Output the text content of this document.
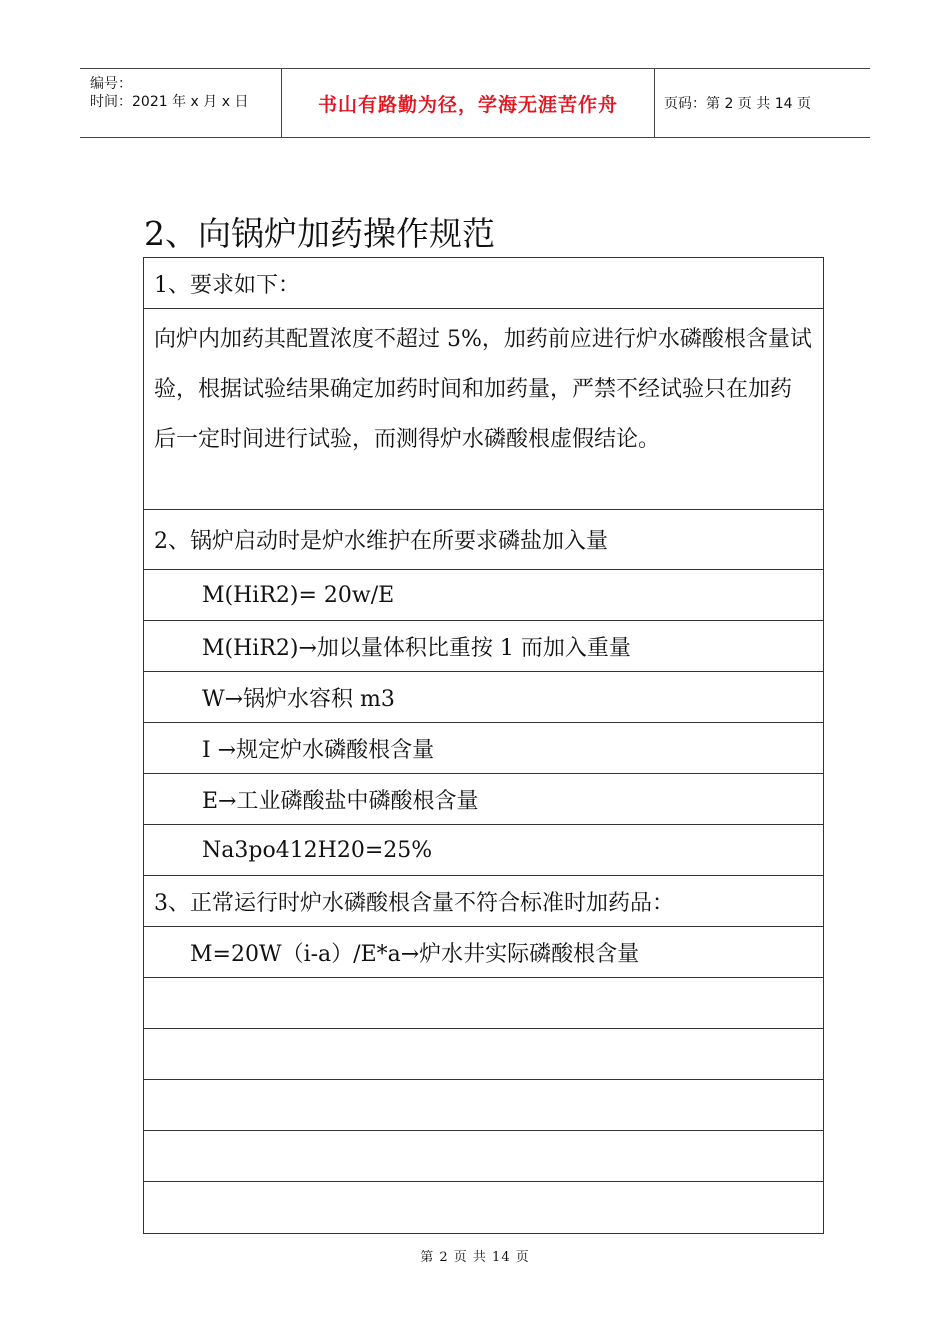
编号：
时间：2021 年 x 月 x 日	书山有路勤为径，学海无涯苦作舟	页码：第 2 页 共 14 页
2、向锅炉加药操作规范
1、要求如下：
向炉内加药其配置浓度不超过 5%，加药前应进行炉水磷酸根含量试验，根据试验结果确定加药时间和加药量，严禁不经试验只在加药后一定时间进行试验，而测得炉水磷酸根虚假结论。
2、锅炉启动时是炉水维护在所要求磷盐加入量
M(HiR2)= 20w/E
M(HiR2)→加以量体积比重按 1 而加入重量
W→锅炉水容积 m3
I →规定炉水磷酸根含量
E→工业磷酸盐中磷酸根含量
Na3po412H20=25%
3、正常运行时炉水磷酸根含量不符合标准时加药品：
M=20W（i-a）/E*a→炉水井实际磷酸根含量
第 2 页 共 14 页
